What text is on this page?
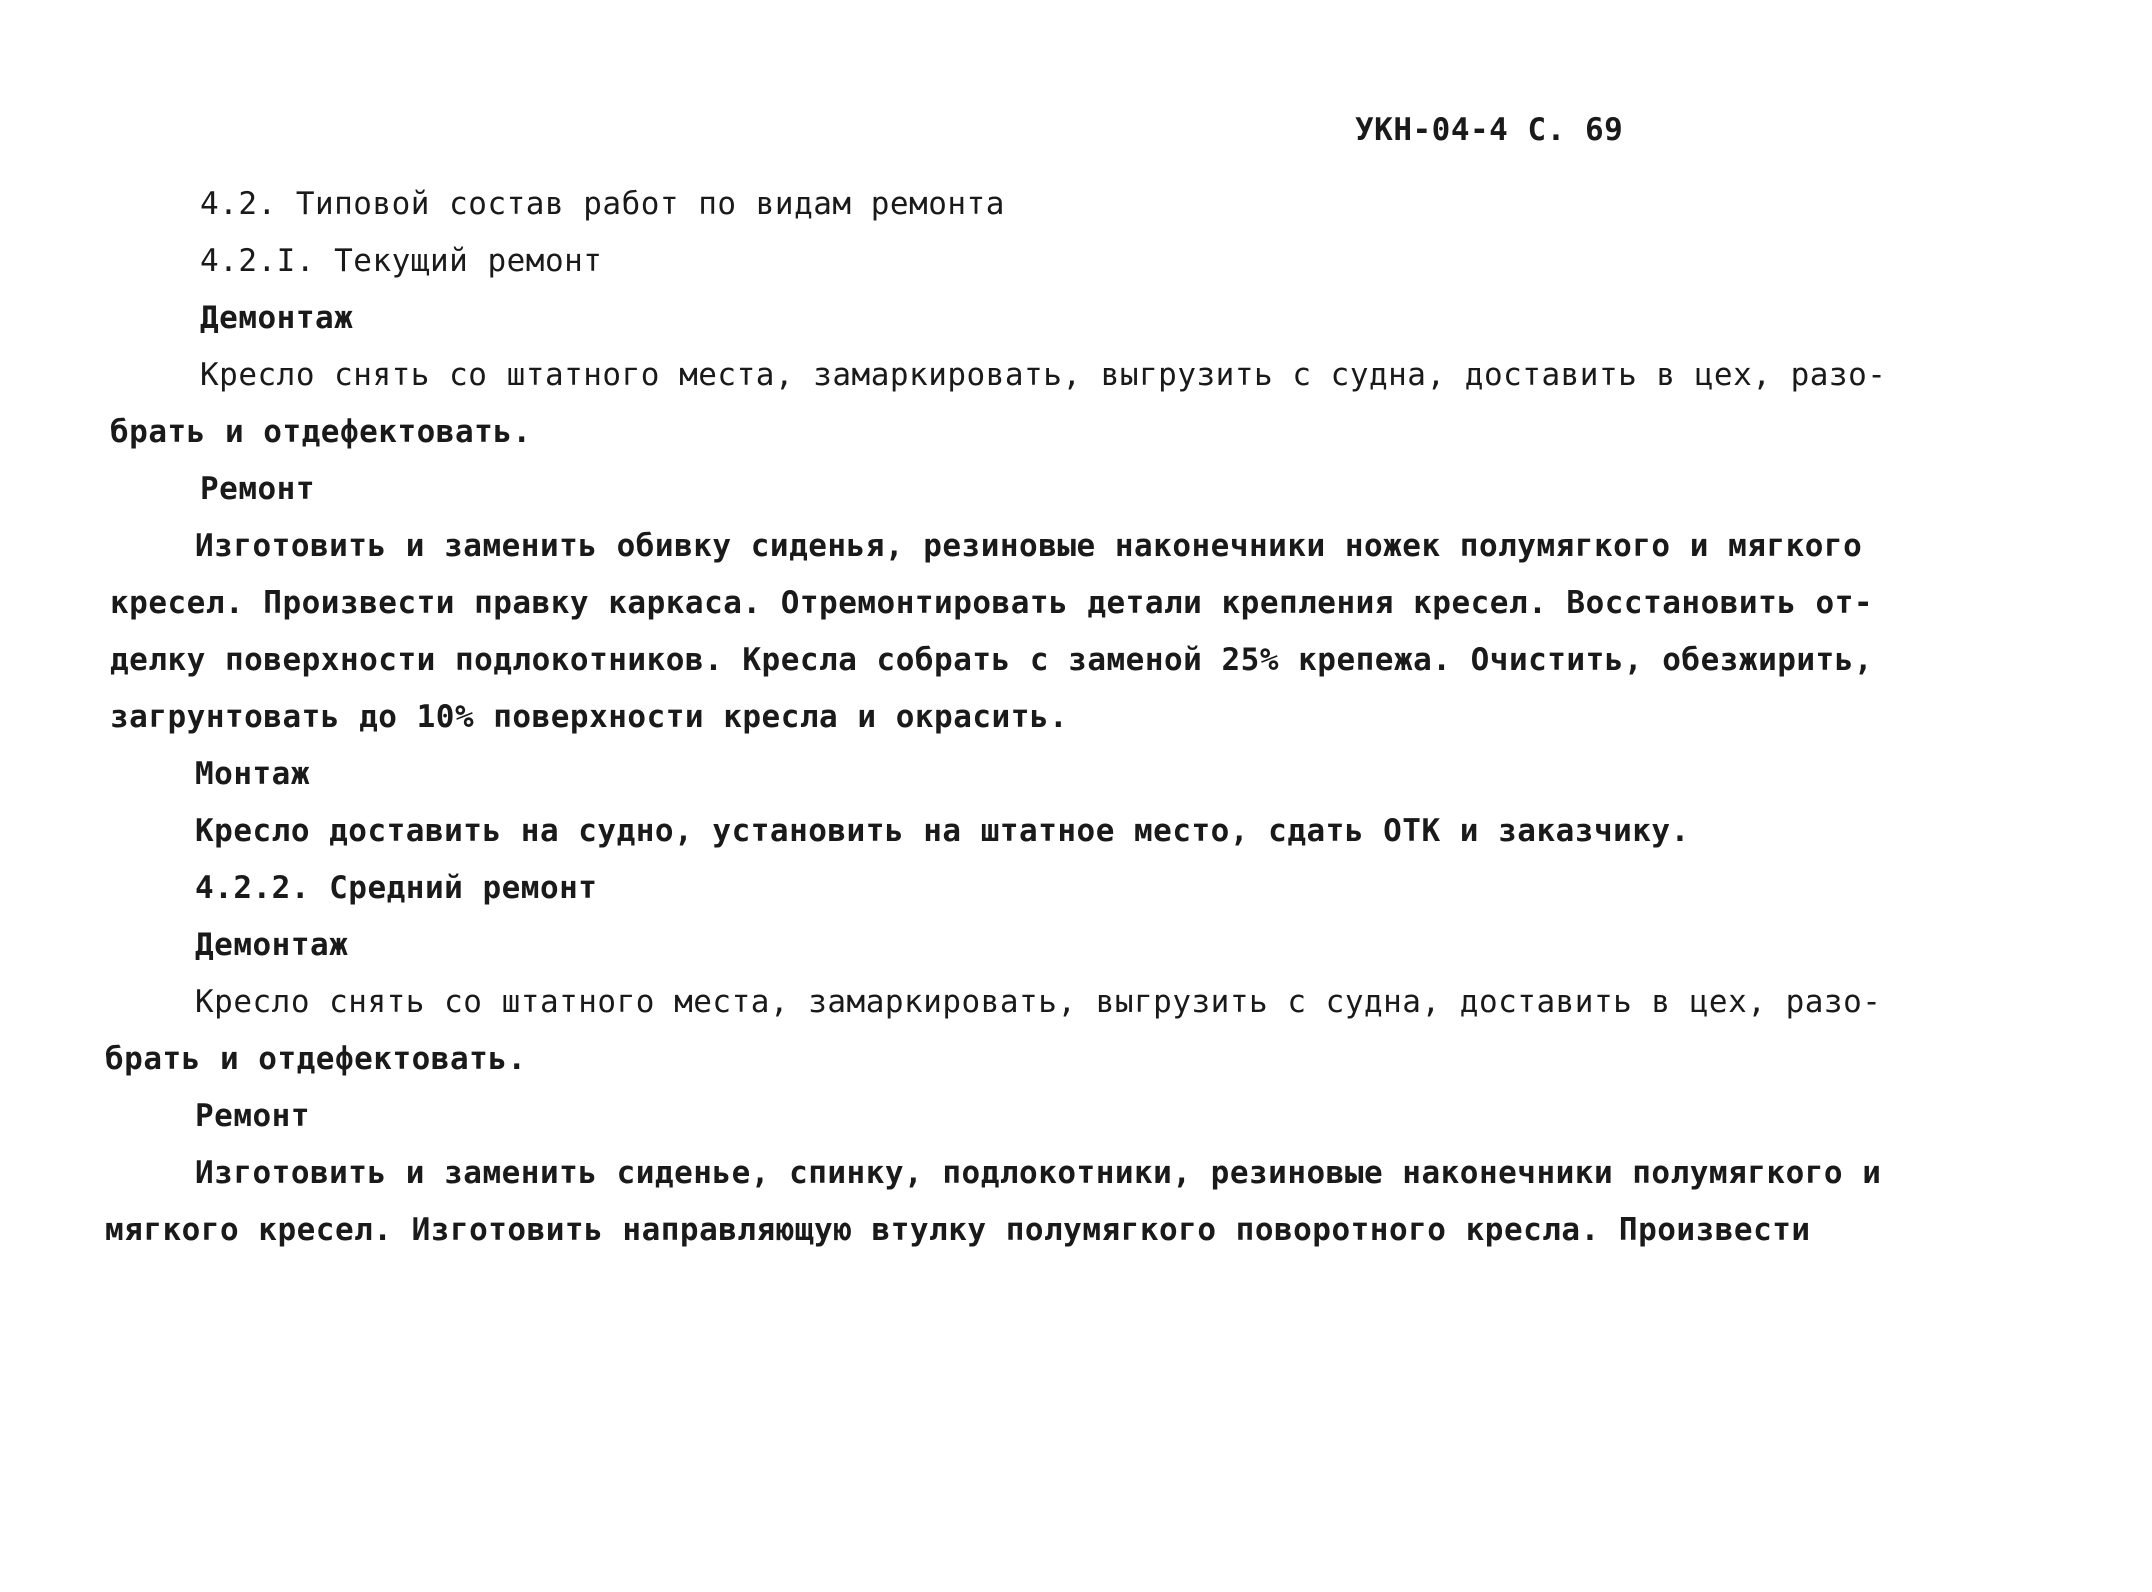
УКН-04-4 С. 69
4.2. Типовой состав работ по видам ремонта
4.2.I. Текущий ремонт
Демонтаж
Кресло снять со штатного места, замаркировать, выгрузить с судна, доставить в цех, разо-
брать и отдефектовать.
Ремонт
Изготовить и заменить обивку сиденья, резиновые наконечники ножек полумягкого и мягкого
кресел. Произвести правку каркаса. Отремонтировать детали крепления кресел. Восстановить от-
делку поверхности подлокотников. Кресла собрать с заменой 25% крепежа. Очистить, обезжирить,
загрунтовать до 10% поверхности кресла и окрасить.
Монтаж
Кресло доставить на судно, установить на штатное место, сдать ОТК и заказчику.
4.2.2. Средний ремонт
Демонтаж
Кресло снять со штатного места, замаркировать, выгрузить с судна, доставить в цех, разо-
брать и отдефектовать.
Ремонт
Изготовить и заменить сиденье, спинку, подлокотники, резиновые наконечники полумягкого и
мягкого кресел. Изготовить направляющую втулку полумягкого поворотного кресла. Произвести
